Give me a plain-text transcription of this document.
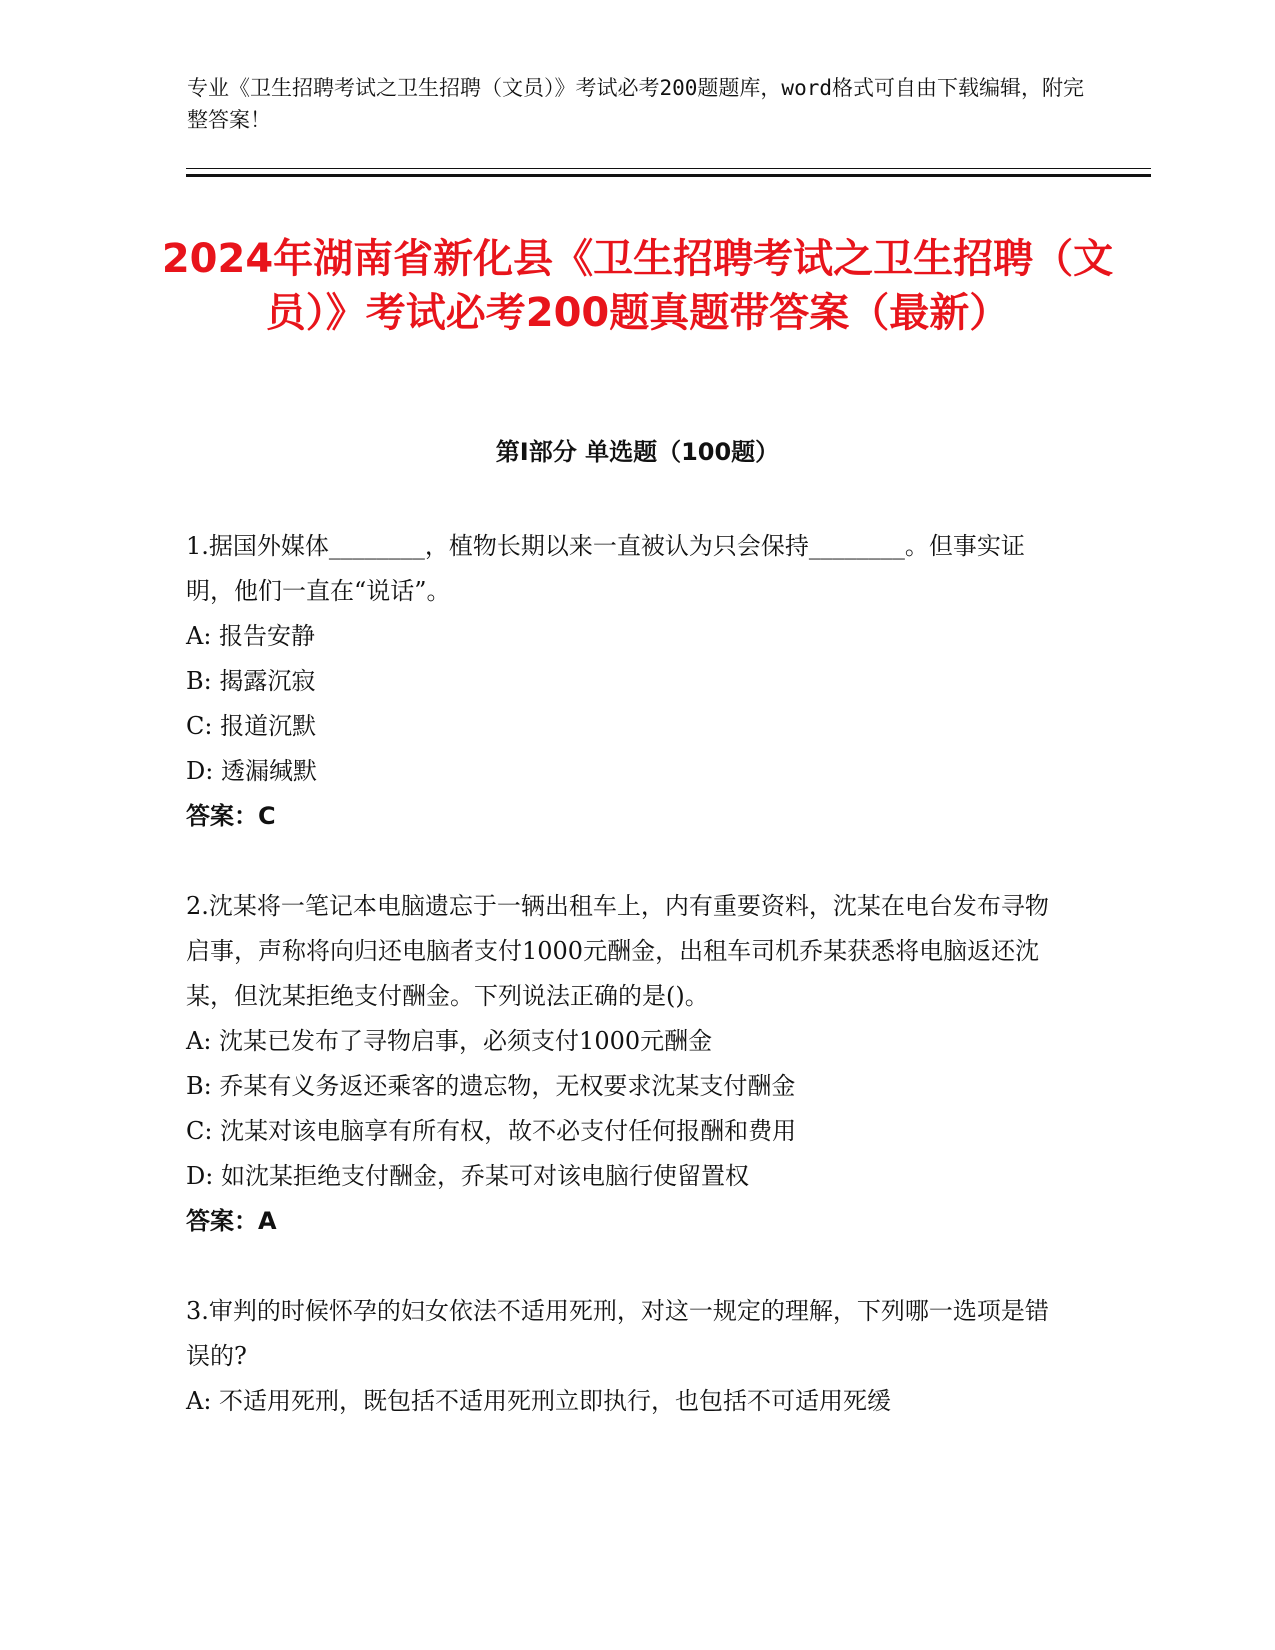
专业《卫生招聘考试之卫生招聘（文员）》考试必考200题题库，word格式可自由下载编辑，附完整答案！
2024年湖南省新化县《卫生招聘考试之卫生招聘（文员）》考试必考200题真题带答案（最新）
第I部分 单选题（100题）

1.据国外媒体________，植物长期以来一直被认为只会保持________。但事实证明，他们一直在“说话”。

A: 报告安静

B: 揭露沉寂

C: 报道沉默

D: 透漏缄默

答案：C

2.沈某将一笔记本电脑遗忘于一辆出租车上，内有重要资料，沈某在电台发布寻物启事，声称将向归还电脑者支付1000元酬金，出租车司机乔某获悉将电脑返还沈某，但沈某拒绝支付酬金。下列说法正确的是()。

A: 沈某已发布了寻物启事，必须支付1000元酬金

B: 乔某有义务返还乘客的遗忘物，无权要求沈某支付酬金

C: 沈某对该电脑享有所有权，故不必支付任何报酬和费用

D: 如沈某拒绝支付酬金，乔某可对该电脑行使留置权

答案：A

3.审判的时候怀孕的妇女依法不适用死刑，对这一规定的理解，下列哪一选项是错误的?

A: 不适用死刑，既包括不适用死刑立即执行，也包括不可适用死缓
